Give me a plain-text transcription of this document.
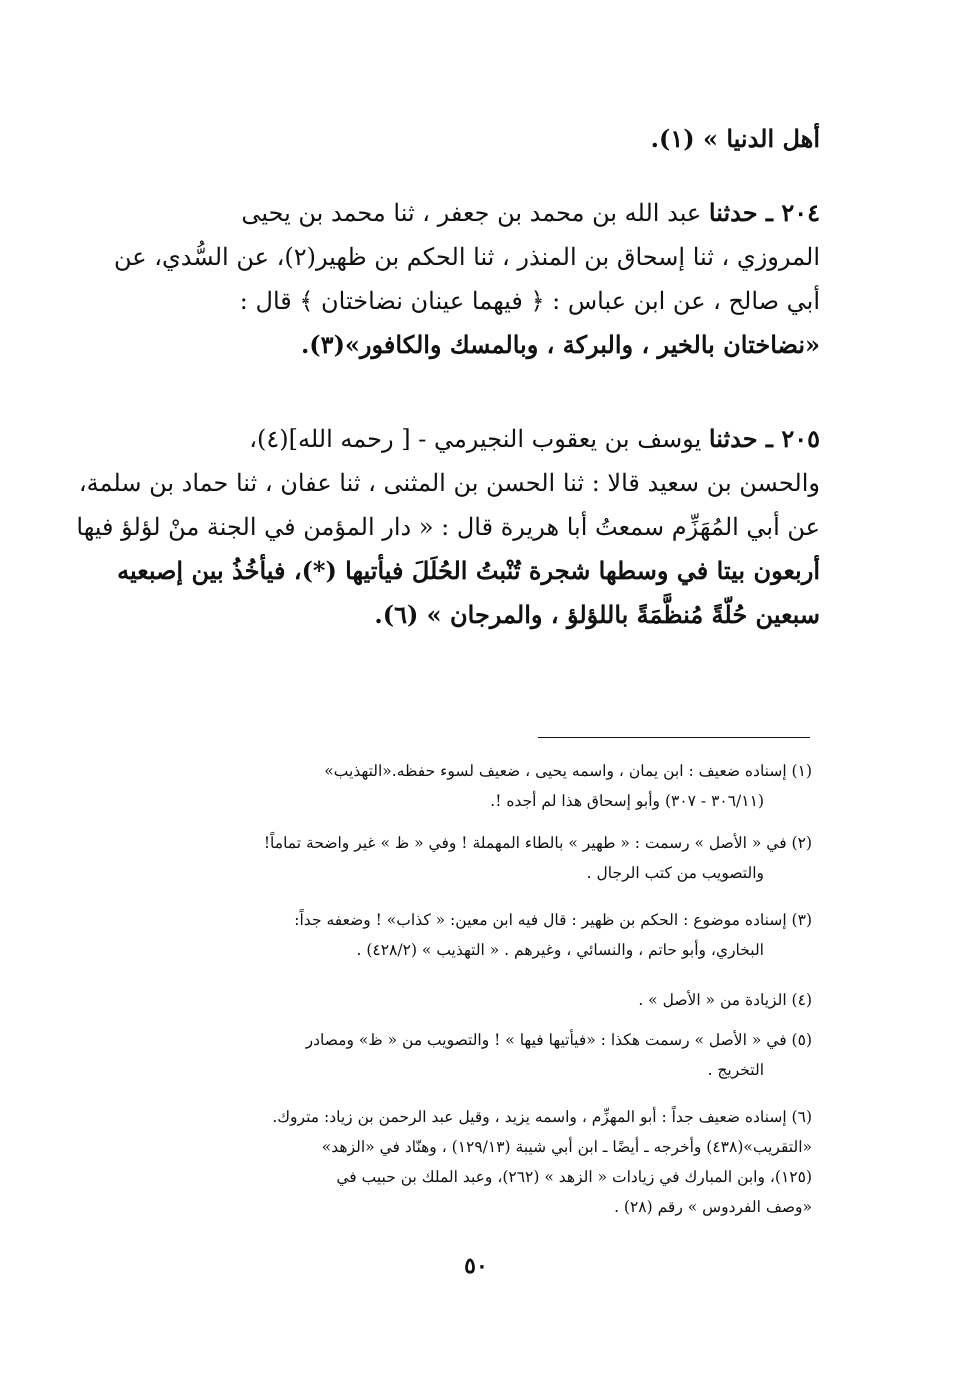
أهل الدنيا » (١).
٢٠٤ ـ حدثنا عبد الله بن محمد بن جعفر ، ثنا محمد بن يحيى
المروزي ، ثنا إسحاق بن المنذر ، ثنا الحكم بن ظهير(٢)، عن السُّدي، عن
أبي صالح ، عن ابن عباس : ﴿ فيهما عينان نضاختان ﴾ قال :
«نضاختان بالخير ، والبركة ، وبالمسك والكافور»(٣).
٢٠٥ ـ حدثنا يوسف بن يعقوب النجيرمي - [ رحمه الله](٤)،
والحسن بن سعيد قالا : ثنا الحسن بن المثنى ، ثنا عفان ، ثنا حماد بن سلمة،
عن أبي المُهَزِّم سمعتُ أبا هريرة قال : « دار المؤمن في الجنة منْ لؤلؤ فيها
أربعون بيتا في وسطها شجرة تُنْبتُ الحُلَلَ فيأتيها (*)، فيأخُذُ بين إصبعيه
سبعين حُلّةً مُنظَّمَةً باللؤلؤ ، والمرجان » (٦).
(١) إسناده ضعيف : ابن يمان ، واسمه يحيى ، ضعيف لسوء حفظه.«التهذيب»
(٣٠٦/١١ - ٣٠٧) وأبو إسحاق هذا لم أجده !.
(٢) في « الأصل » رسمت : « طهير » بالطاء المهملة ! وفي « ظ » غير واضحة تماماً!
والتصويب من كتب الرجال .
(٣) إسناده موضوع : الحكم بن ظهير : قال فيه ابن معين: « كذاب» ! وضعفه جداً:
البخاري، وأبو حاتم ، والنسائي ، وغيرهم . « التهذيب » (٤٢٨/٢) .
(٤) الزيادة من « الأصل » .
(٥) في « الأصل » رسمت هكذا : «فيأتيها فيها » ! والتصويب من « ظ» ومصادر
التخريج .
(٦) إسناده ضعيف جداً : أبو المهزِّم ، واسمه يزيد ، وقيل عبد الرحمن بن زياد: متروك.
«التقريب»(٤٣٨) وأخرجه ـ أيضًا ـ ابن أبي شيبة (١٢٩/١٣) ، وهنّاد في «الزهد»
(١٢٥)، وابن المبارك في زيادات « الزهد » (٢٦٢)، وعبد الملك بن حبيب في
«وصف الفردوس » رقم (٢٨) .
٥٠
